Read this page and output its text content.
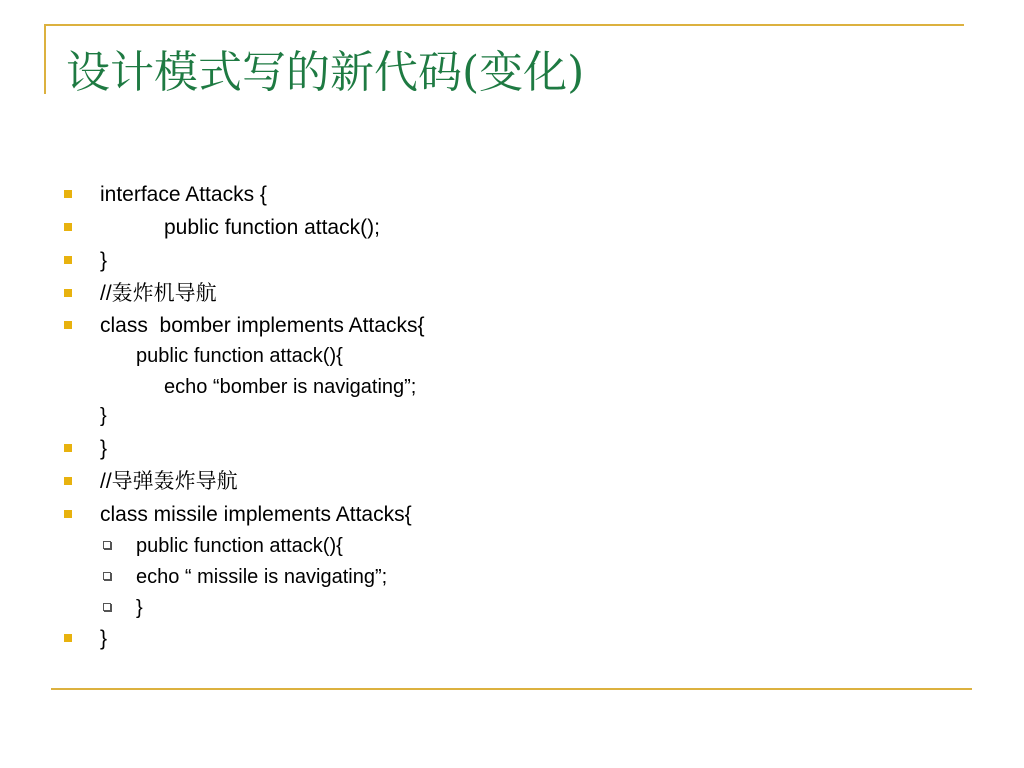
设计模式写的新代码(变化)

interface Attacks {

public function attack();

}

//轰炸机导航

class  bomber implements Attacks{

public function attack(){

echo “bomber is navigating”;

}

}

//导弹轰炸导航

class missile implements Attacks{

public function attack(){

echo “ missile is navigating”;

}

}
